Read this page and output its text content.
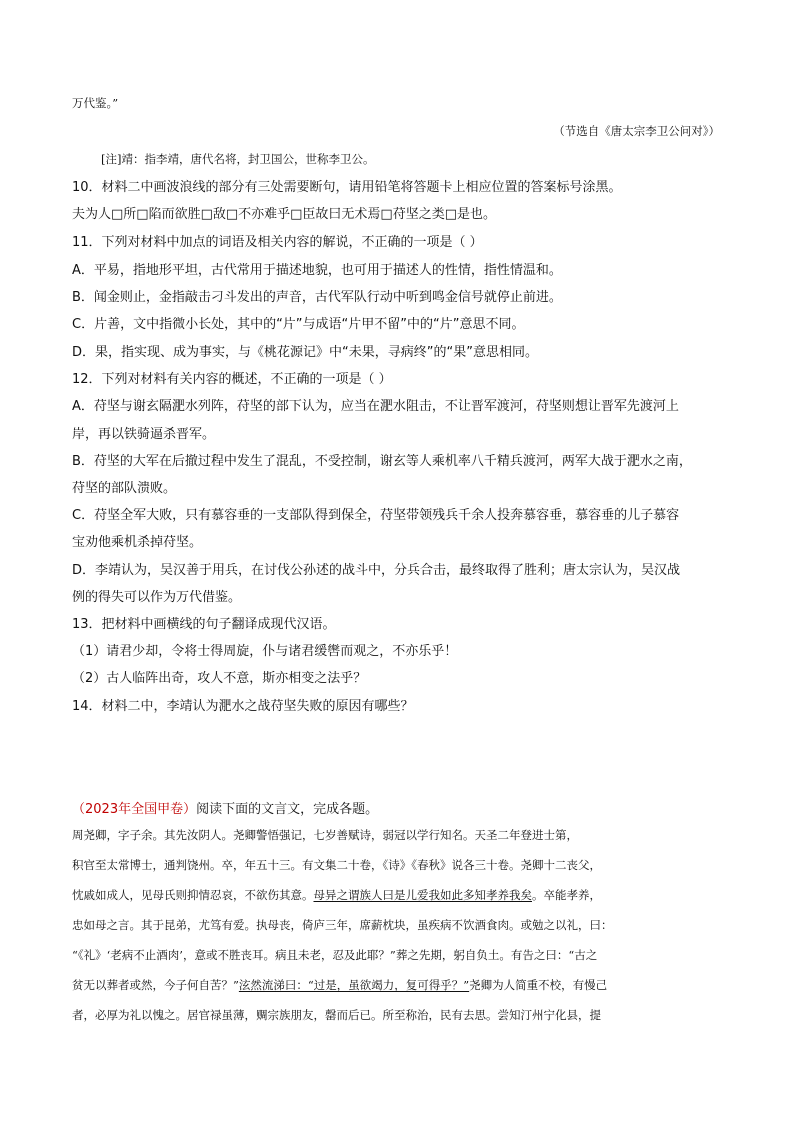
万代鉴。”
（节选自《唐太宗李卫公问对》）
[注]靖：指李靖，唐代名将，封卫国公，世称李卫公。
10．材料二中画波浪线的部分有三处需要断句，请用铅笔将答题卡上相应位置的答案标号涂黑。
夫为人□所□陷而欲胜□敌□不亦难乎□臣故曰无术焉□苻坚之类□是也。
11．下列对材料中加点的词语及相关内容的解说，不正确的一项是（ ）
A．平易，指地形平坦，古代常用于描述地貌，也可用于描述人的性情，指性情温和。
B．闻金则止，金指敲击刁斗发出的声音，古代军队行动中听到鸣金信号就停止前进。
C．片善，文中指微小长处，其中的“片”与成语“片甲不留”中的“片”意思不同。
D．果，指实现、成为事实，与《桃花源记》中“未果，寻病终”的“果”意思相同。
12．下列对材料有关内容的概述，不正确的一项是（ ）
A．苻坚与谢玄隔淝水列阵，苻坚的部下认为，应当在淝水阻击，不让晋军渡河，苻坚则想让晋军先渡河上
岸，再以铁骑逼杀晋军。
B．苻坚的大军在后撤过程中发生了混乱，不受控制，谢玄等人乘机率八千精兵渡河，两军大战于淝水之南，
苻坚的部队溃败。
C．苻坚全军大败，只有慕容垂的一支部队得到保全，苻坚带领残兵千余人投奔慕容垂，慕容垂的儿子慕容
宝劝他乘机杀掉苻坚。
D．李靖认为，吴汉善于用兵，在讨伐公孙述的战斗中，分兵合击，最终取得了胜利；唐太宗认为，吴汉战
例的得失可以作为万代借鉴。
13．把材料中画横线的句子翻译成现代汉语。
（1）请君少却，令将士得周旋，仆与诸君缓辔而观之，不亦乐乎！
（2）古人临阵出奇，攻人不意，斯亦相变之法乎？
14．材料二中，李靖认为淝水之战苻坚失败的原因有哪些？
（2023年全国甲卷）阅读下面的文言文，完成各题。

周尧卿，字子余。其先汝阴人。尧卿警悟强记，七岁善赋诗，弱冠以学行知名。天圣二年登进士第，

积官至太常博士，通判饶州。卒，年五十三。有文集二十卷，《诗》《春秋》说各三十卷。尧卿十二丧父，

忱戚如成人，见母氏则抑情忍哀，不欲伤其意。母异之谓族人曰是儿爱我如此多知孝养我矣。卒能孝养，

忠如母之言。其于昆弟，尤笃有爱。执母丧，倚庐三年，席薪枕块，虽疾病不饮酒食肉。或勉之以礼，曰：

“《礼》‘老病不止酒肉’，意或不胜丧耳。病且未老，忍及此耶？”葬之先期，躬自负土。有告之曰：“古之

贫无以葬者或然，今子何自苦？”泫然流涕曰：“过是，虽欲竭力，复可得乎？”尧卿为人简重不校，有慢己

者，必厚为礼以愧之。居官禄虽薄，赒宗族朋友，罄而后已。所至称治，民有去思。尝知汀州宁化县，提
